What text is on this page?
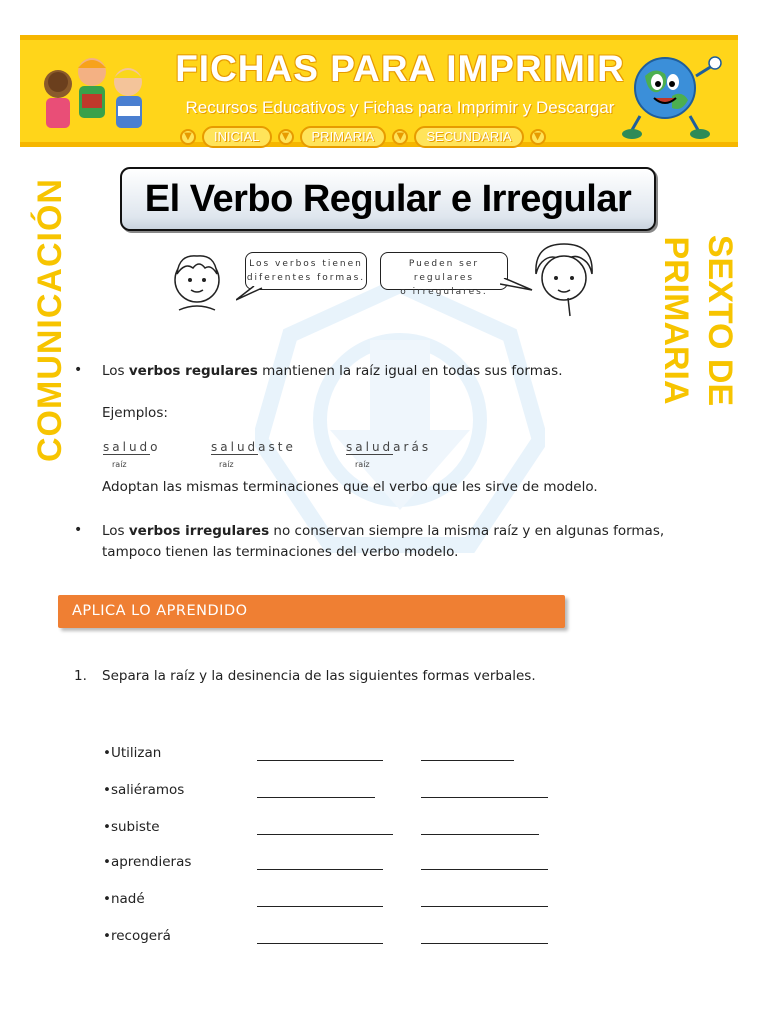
FICHAS PARA IMPRIMIR
Recursos Educativos y Fichas para Imprimir y Descargar
▼	INICIAL	▼	PRIMARIA	▼	SECUNDARIA	▼
COMUNICACIÓN	SEXTO DE PRIMARIA
El Verbo Regular e Irregular
Los verbos tienen
diferentes formas.
Pueden ser regulares
o irregulares.
• Los verbos regulares mantienen la raíz igual en todas sus formas.
Ejemplos:
saludo
raíz
saludaste
raíz
saludarás
raíz
Adoptan las mismas terminaciones que el verbo que les sirve de modelo.
• Los verbos irregulares no conservan siempre la misma raíz y en algunas formas,
tampoco tienen las terminaciones del verbo modelo.
APLICA LO APRENDIDO
1. Separa la raíz y la desinencia de las siguientes formas verbales.
•Utilizan
•saliéramos
•subiste
•aprendieras
•nadé
•recogerá
